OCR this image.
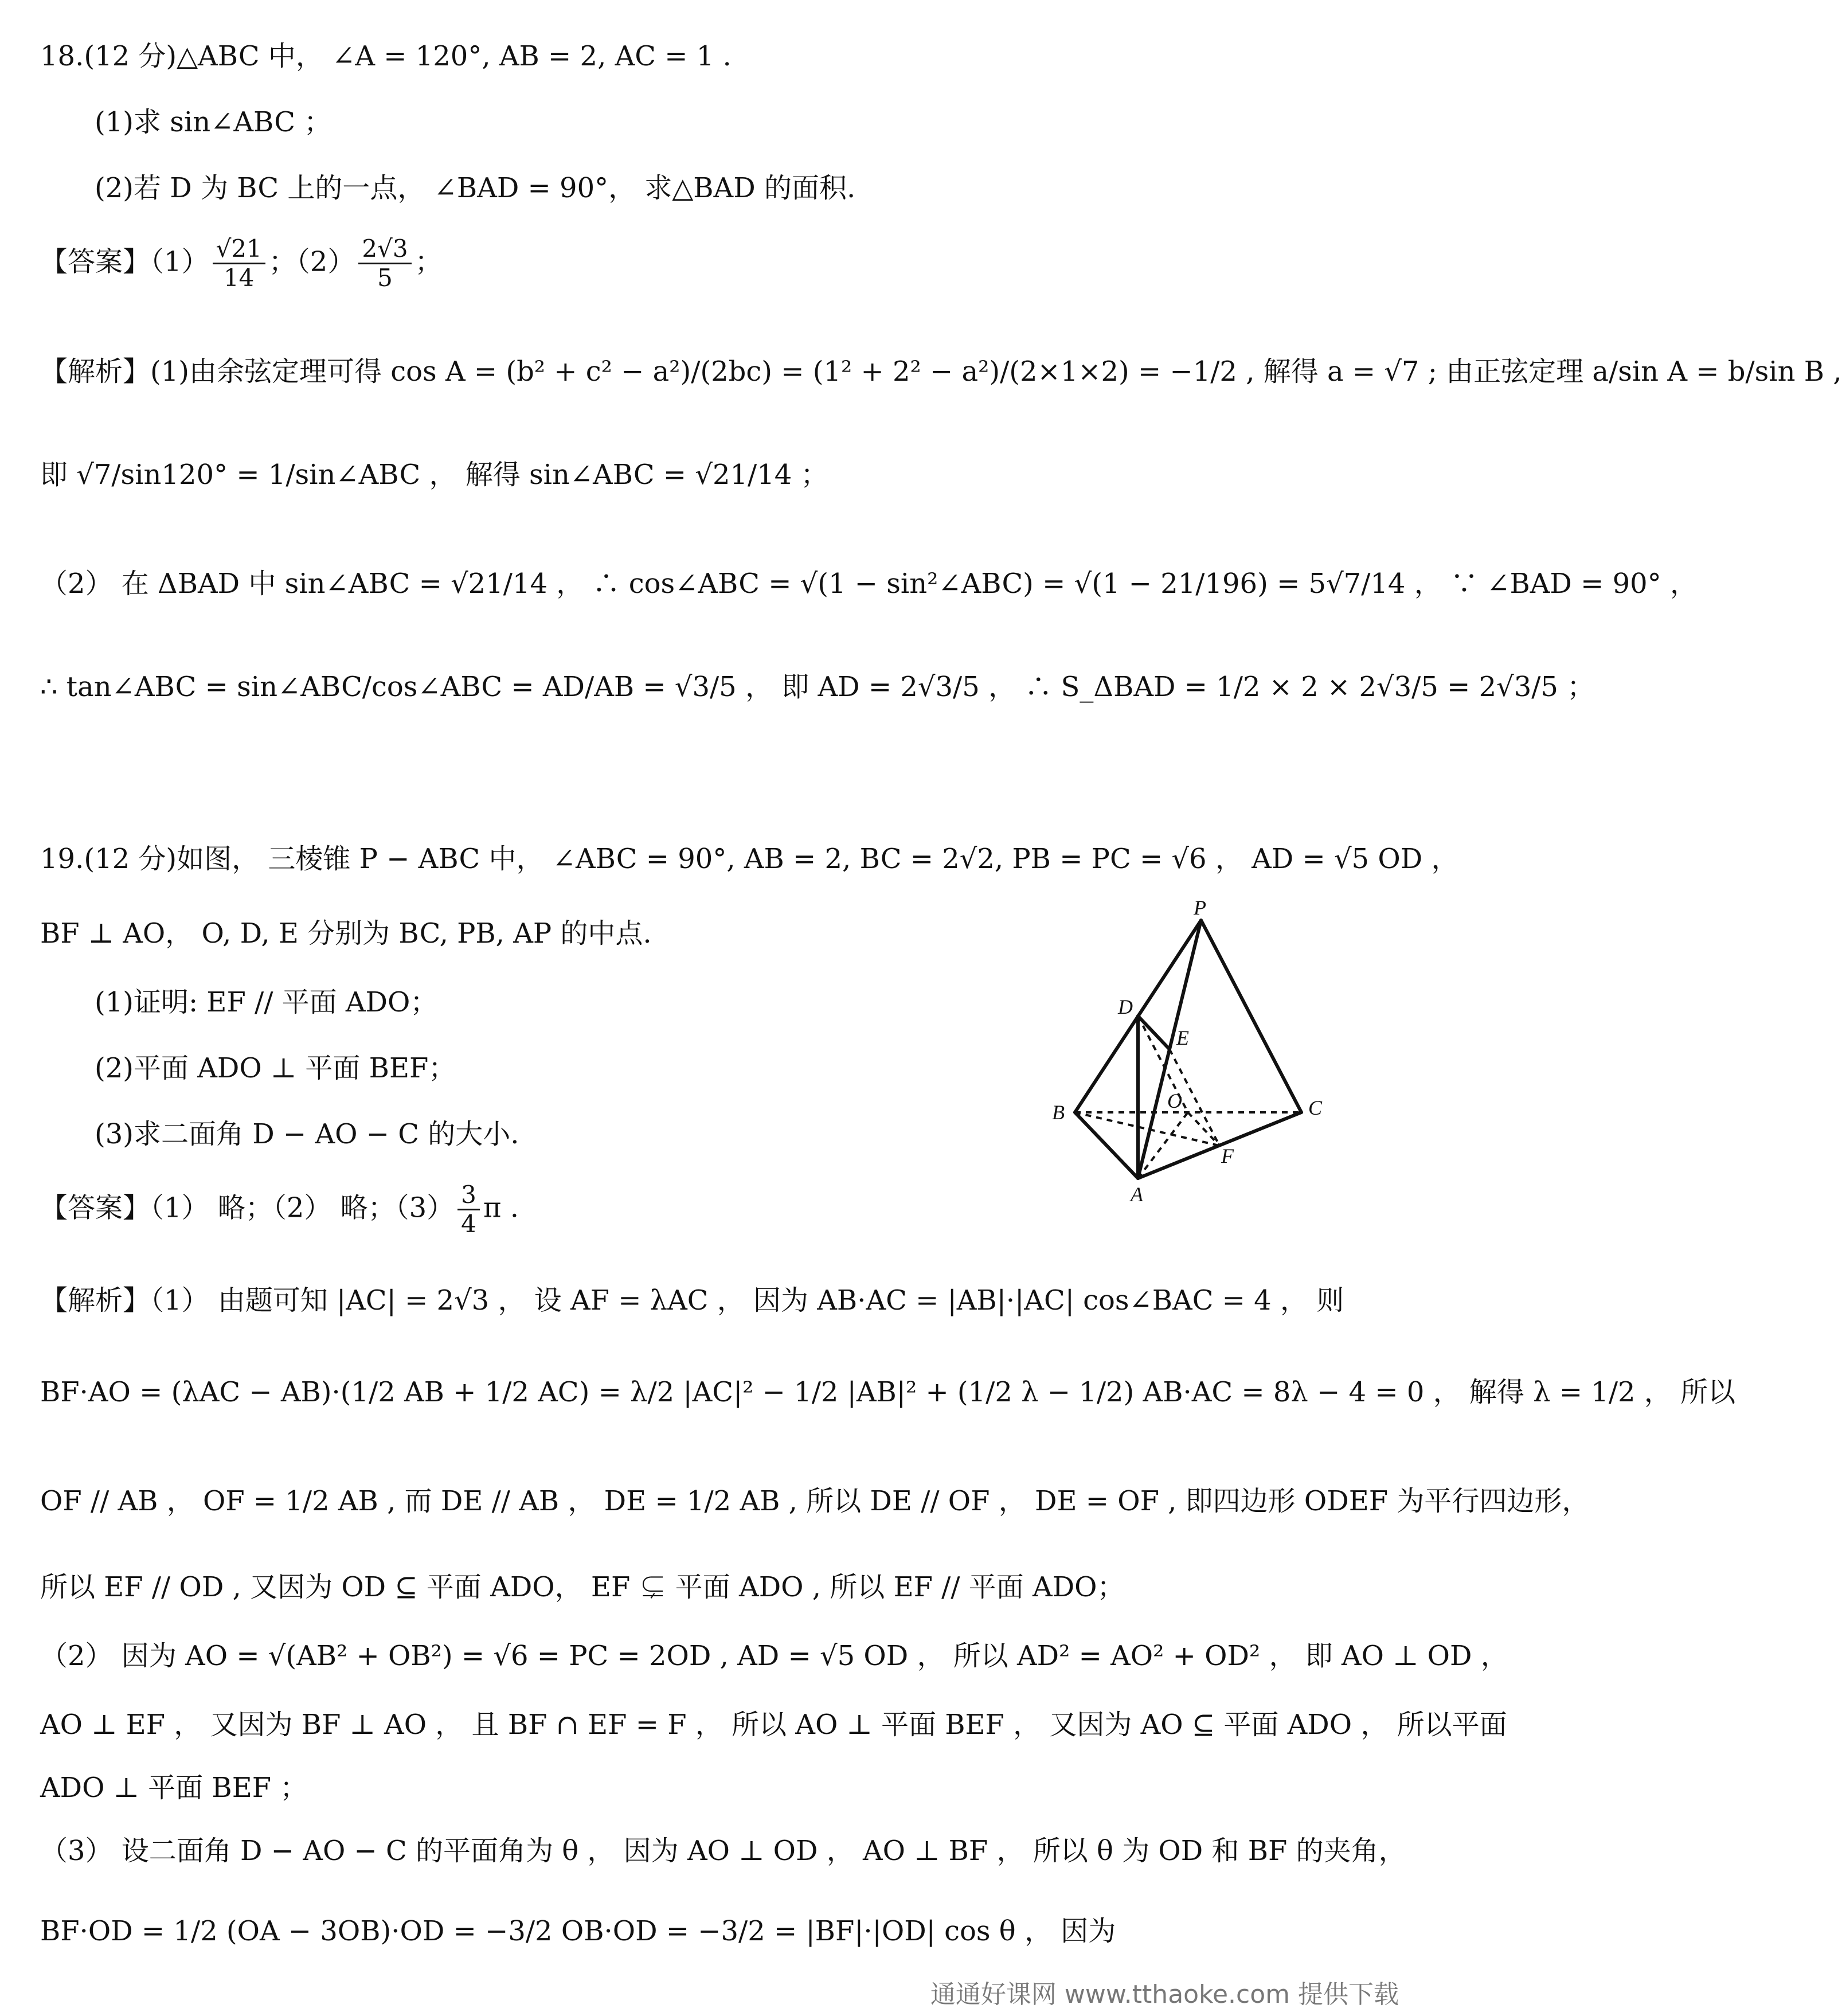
18.(12 分)△ABC 中， ∠A = 120°, AB = 2, AC = 1 .
(1)求 sin∠ABC ；
(2)若 D 为 BC 上的一点， ∠BAD = 90°， 求△BAD 的面积.
【答案】$(1) \frac{√21}{14}$ ；$(2) \frac{2√3}{5}$ ；
【解析】(1)由余弦定理可得 cos A = (b² + c² − a²)/(2bc) = (1² + 2² − a²)/(2×1×2) = −1/2 , 解得 a = √7 ; 由正弦定理 a/sin A = b/sin B ,
即 √7/sin120° = 1/sin∠ABC ， 解得 sin∠ABC = √21/14 ；
（2） 在 ΔBAD 中 sin∠ABC = √21/14 ， ∴ cos∠ABC = √(1 − sin²∠ABC) = √(1 − 21/196) = 5√7/14 ， ∵ ∠BAD = 90° ，
∴ tan∠ABC = sin∠ABC/cos∠ABC = AD/AB = √3/5 ， 即 AD = 2√3/5 ， ∴ S_ΔBAD = 1/2 × 2 × 2√3/5 = 2√3/5 ；
19.(12 分)如图， 三棱锥 P − ABC 中， ∠ABC = 90°, AB = 2, BC = 2√2, PB = PC = √6 ， AD = √5 OD ，
BF ⊥ AO， O, D, E 分别为 BC, PB, AP 的中点.
(1)证明: EF // 平面 ADO；
(2)平面 ADO ⊥ 平面 BEF；
(3)求二面角 D − AO − C 的大小.
【答案】（1） 略；（2） 略；$(3) \frac{3}{4}$ π .
P
D
E
B	O	C
F
A
【解析】（1） 由题可知 |AC| = 2√3 ， 设 AF = λAC ， 因为 AB·AC = |AB|·|AC| cos∠BAC = 4 ， 则
BF·AO = (λAC − AB)·(1/2 AB + 1/2 AC) = λ/2 |AC|² − 1/2 |AB|² + (1/2 λ − 1/2) AB·AC = 8λ − 4 = 0 ， 解得 λ = 1/2 ， 所以
OF // AB ， OF = 1/2 AB , 而 DE // AB ， DE = 1/2 AB , 所以 DE // OF ， DE = OF , 即四边形 ODEF 为平行四边形，
所以 EF // OD , 又因为 OD ⊆ 平面 ADO， EF ⊊ 平面 ADO , 所以 EF // 平面 ADO；
（2） 因为 AO = √(AB² + OB²) = √6 = PC = 2OD , AD = √5 OD ， 所以 AD² = AO² + OD² ， 即 AO ⊥ OD ，
AO ⊥ EF ， 又因为 BF ⊥ AO ， 且 BF ∩ EF = F ， 所以 AO ⊥ 平面 BEF ， 又因为 AO ⊆ 平面 ADO ， 所以平面
ADO ⊥ 平面 BEF ；
（3） 设二面角 D − AO − C 的平面角为 θ ， 因为 AO ⊥ OD ， AO ⊥ BF ， 所以 θ 为 OD 和 BF 的夹角，
BF·OD = 1/2 (OA − 3OB)·OD = −3/2 OB·OD = −3/2 = |BF|·|OD| cos θ ， 因为
通通好课网 www.tthaoke.com 提供下载
